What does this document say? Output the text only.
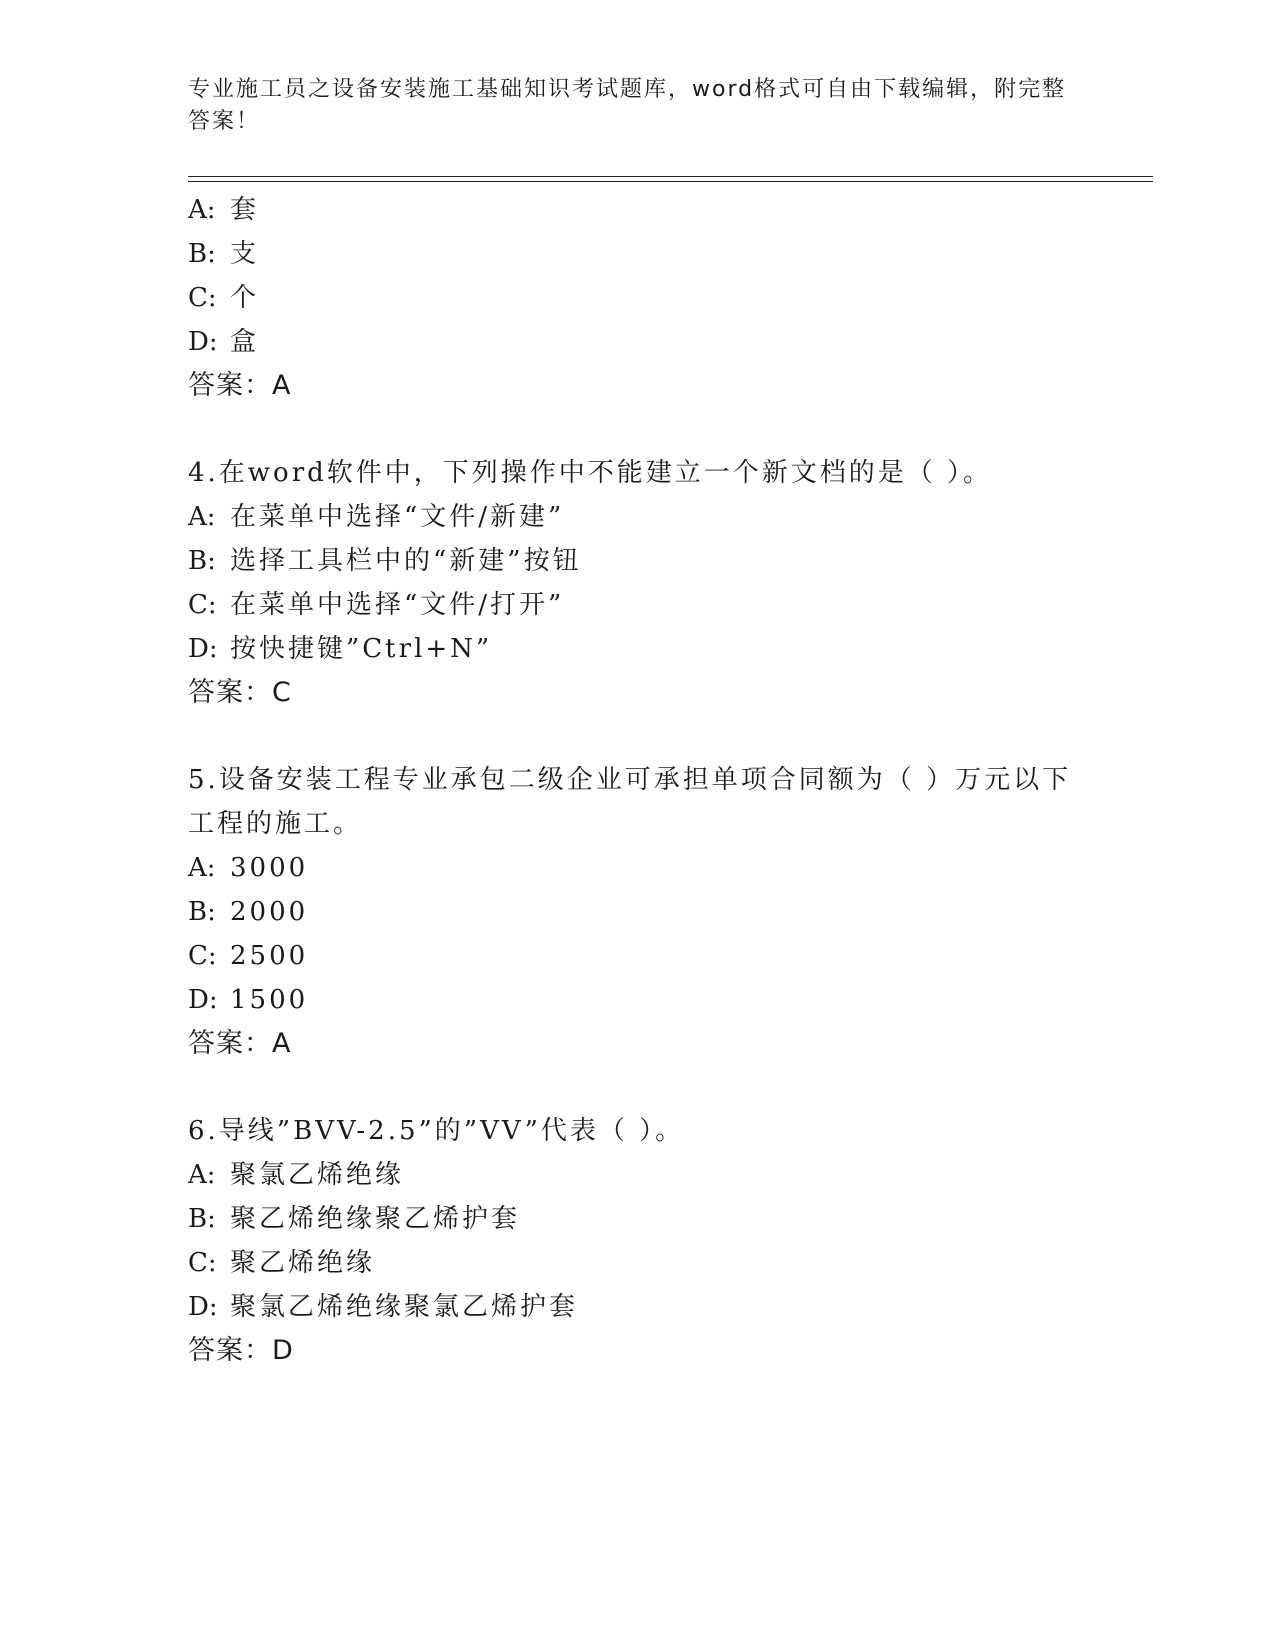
专业施工员之设备安装施工基础知识考试题库，word格式可自由下载编辑，附完整答案！
A: 套
B: 支
C: 个
D: 盒
答案：A
4.在word软件中，下列操作中不能建立一个新文档的是（ ）。
A: 在菜单中选择“文件/新建”
B: 选择工具栏中的“新建”按钮
C: 在菜单中选择“文件/打开”
D: 按快捷键”Ctrl+N”
答案：C
5.设备安装工程专业承包二级企业可承担单项合同额为（ ）万元以下
工程的施工。
A: 3000
B: 2000
C: 2500
D: 1500
答案：A
6.导线”BVV-2.5”的”VV”代表（ ）。
A: 聚氯乙烯绝缘
B: 聚乙烯绝缘聚乙烯护套
C: 聚乙烯绝缘
D: 聚氯乙烯绝缘聚氯乙烯护套
答案：D
